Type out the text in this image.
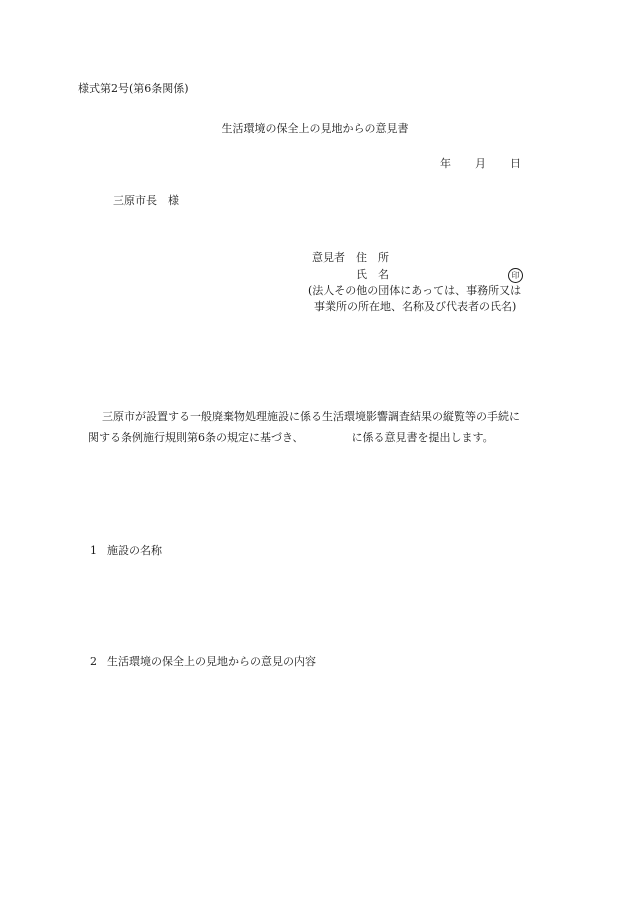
様式第2号(第6条関係)
生活環境の保全上の見地からの意見書
年 月 日
三原市長　様
意見者 住　所
氏　名	印
(法人その他の団体にあっては、事務所又は
事業所の所在地、名称及び代表者の氏名)
三原市が設置する一般廃棄物処理施設に係る生活環境影響調査結果の縦覧等の手続に
関する条例施行規則第6条の規定に基づき、	に係る意見書を提出します。
1 施設の名称
2 生活環境の保全上の見地からの意見の内容
